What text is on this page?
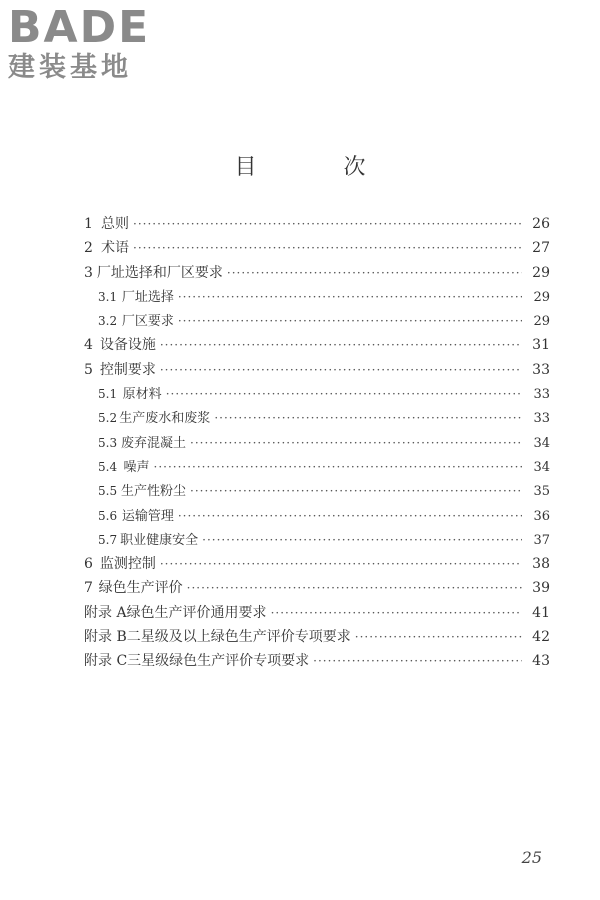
BADE
建装基地
目 次
1 总则 ·····	26
2 术语 ·····	27
3 厂址选择和厂区要求 ·····	29
3.1 厂址选择 ·····	29
3.2 厂区要求 ·····	29
4 设备设施 ·····	31
5 控制要求 ·····	33
5.1 原材料 ·····	33
5.2 生产废水和废浆 ·····	33
5.3 废弃混凝土 ·····	34
5.4 噪声 ·····	34
5.5 生产性粉尘 ·····	35
5.6 运输管理 ·····	36
5.7 职业健康安全 ·····	37
6 监测控制 ·····	38
7 绿色生产评价 ·····	39
附录 A 绿色生产评价通用要求 ·····	41
附录 B 二星级及以上绿色生产评价专项要求 ·····	42
附录 C 三星级绿色生产评价专项要求 ·····	43
25
